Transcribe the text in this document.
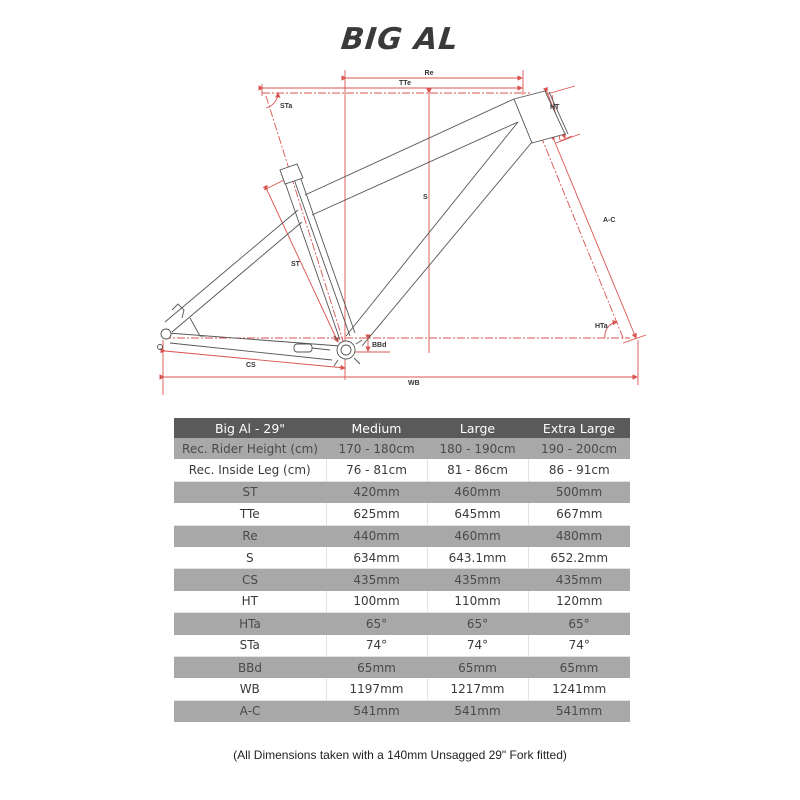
BIG AL
Re
TTe
STa	HT
S
A-C
ST
HTa
BBd
CS
WB
Big Al - 29"	Medium	Large	Extra Large
Rec. Rider Height (cm)	170 - 180cm	180 - 190cm	190 - 200cm
Rec. Inside Leg (cm)	76 - 81cm	81 - 86cm	86 - 91cm
ST	420mm	460mm	500mm
TTe	625mm	645mm	667mm
Re	440mm	460mm	480mm
S	634mm	643.1mm	652.2mm
CS	435mm	435mm	435mm
HT	100mm	110mm	120mm
HTa	65°	65°	65°
STa	74°	74°	74°
BBd	65mm	65mm	65mm
WB	1197mm	1217mm	1241mm
A-C	541mm	541mm	541mm
(All Dimensions taken with a 140mm Unsagged 29" Fork fitted)
